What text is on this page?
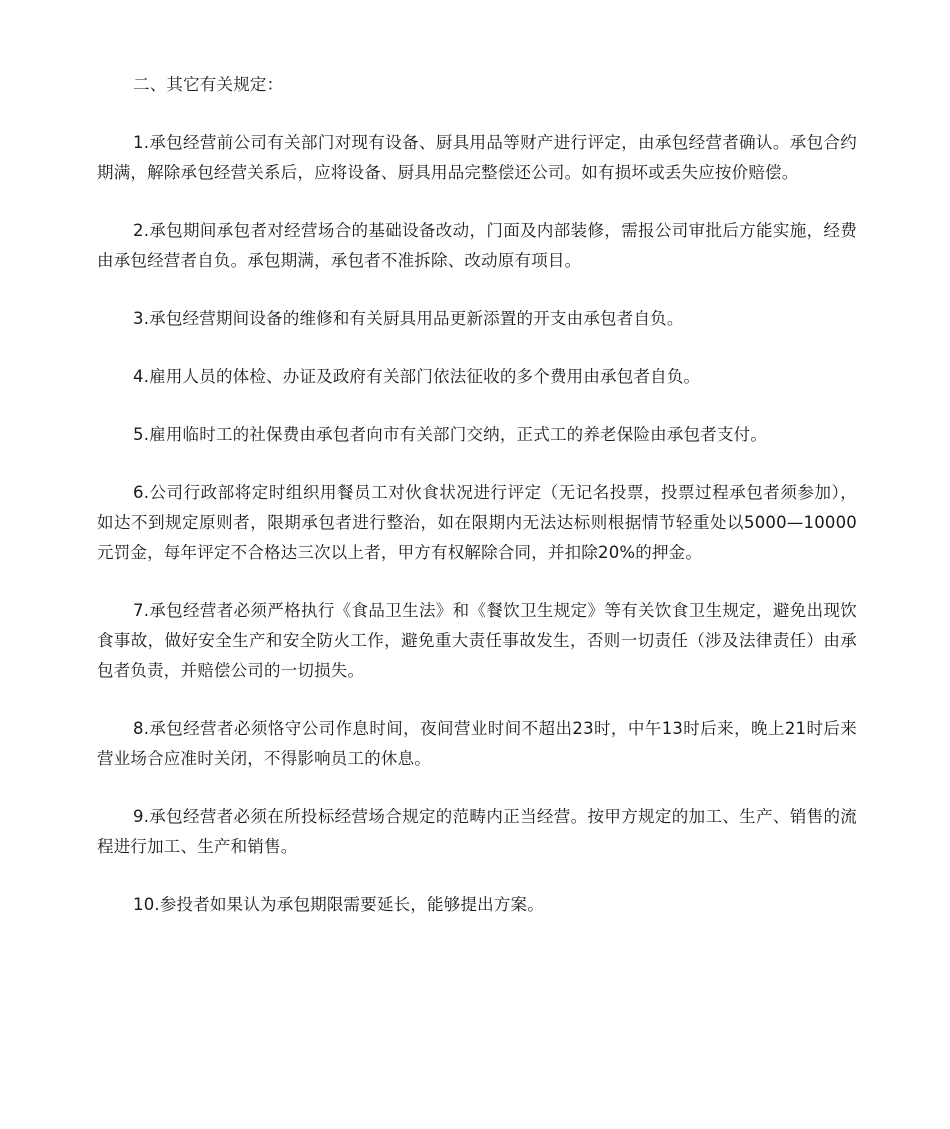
二、其它有关规定：

1.承包经营前公司有关部门对现有设备、厨具用品等财产进行评定，由承包经营者确认。承包合约期满，解除承包经营关系后，应将设备、厨具用品完整偿还公司。如有损坏或丢失应按价赔偿。

2.承包期间承包者对经营场合的基础设备改动，门面及内部装修，需报公司审批后方能实施，经费由承包经营者自负。承包期满，承包者不准拆除、改动原有项目。

3.承包经营期间设备的维修和有关厨具用品更新添置的开支由承包者自负。

4.雇用人员的体检、办证及政府有关部门依法征收的多个费用由承包者自负。

5.雇用临时工的社保费由承包者向市有关部门交纳，正式工的养老保险由承包者支付。

6.公司行政部将定时组织用餐员工对伙食状况进行评定（无记名投票，投票过程承包者须参加），如达不到规定原则者，限期承包者进行整治，如在限期内无法达标则根据情节轻重处以5000—10000元罚金，每年评定不合格达三次以上者，甲方有权解除合同，并扣除20%的押金。

7.承包经营者必须严格执行《食品卫生法》和《餐饮卫生规定》等有关饮食卫生规定，避免出现饮食事故，做好安全生产和安全防火工作，避免重大责任事故发生，否则一切责任（涉及法律责任）由承包者负责，并赔偿公司的一切损失。

8.承包经营者必须恪守公司作息时间，夜间营业时间不超出23时，中午13时后来，晚上21时后来营业场合应准时关闭，不得影响员工的休息。

9.承包经营者必须在所投标经营场合规定的范畴内正当经营。按甲方规定的加工、生产、销售的流程进行加工、生产和销售。

10.参投者如果认为承包期限需要延长，能够提出方案。
